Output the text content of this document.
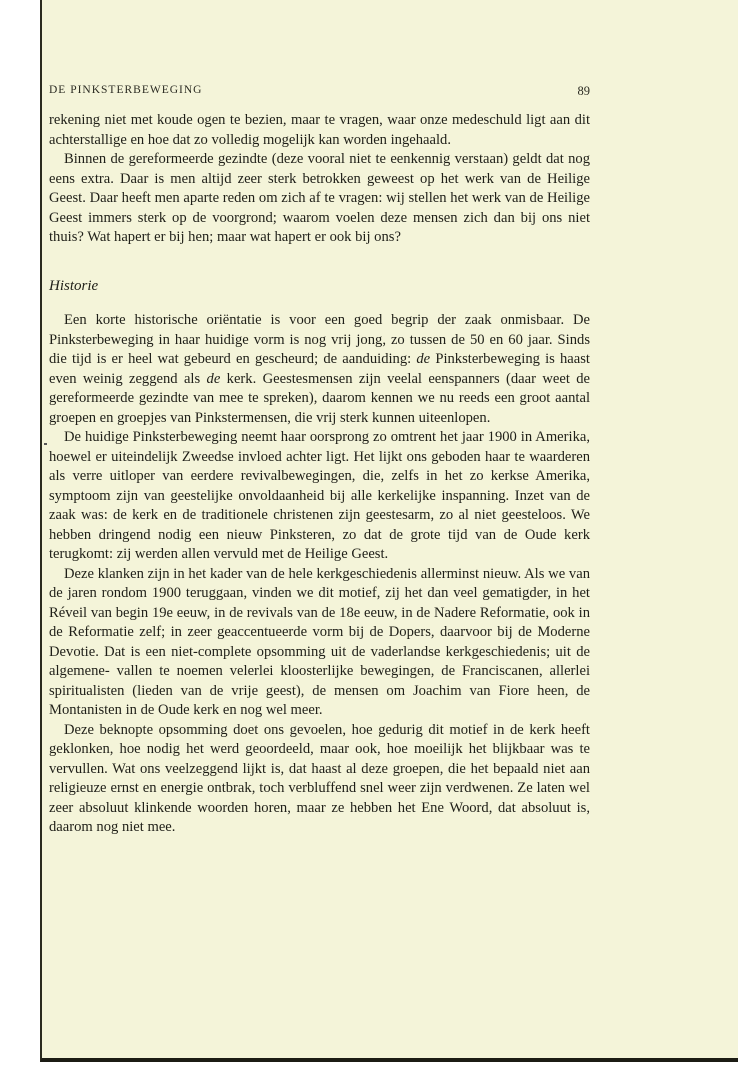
DE PINKSTERBEWEGING	89

rekening niet met koude ogen te bezien, maar te vragen, waar onze medeschuld ligt aan dit achterstallige en hoe dat zo volledig mogelijk kan worden ingehaald.

Binnen de gereformeerde gezindte (deze vooral niet te eenkennig verstaan) geldt dat nog eens extra. Daar is men altijd zeer sterk betrokken geweest op het werk van de Heilige Geest. Daar heeft men aparte reden om zich af te vragen: wij stellen het werk van de Heilige Geest immers sterk op de voorgrond; waarom voelen deze mensen zich dan bij ons niet thuis? Wat hapert er bij hen; maar wat hapert er ook bij ons?

Historie

Een korte historische oriëntatie is voor een goed begrip der zaak onmisbaar. De Pinksterbeweging in haar huidige vorm is nog vrij jong, zo tussen de 50 en 60 jaar. Sinds die tijd is er heel wat gebeurd en gescheurd; de aanduiding: de Pinksterbeweging is haast even weinig zeggend als de kerk. Geestesmensen zijn veelal eenspanners (daar weet de gereformeerde gezindte van mee te spreken), daarom kennen we nu reeds een groot aantal groepen en groepjes van Pinkstermensen, die vrij sterk kunnen uiteenlopen.

De huidige Pinksterbeweging neemt haar oorsprong zo omtrent het jaar 1900 in Amerika, hoewel er uiteindelijk Zweedse invloed achter ligt. Het lijkt ons geboden haar te waarderen als verre uitloper van eerdere revivalbewegingen, die, zelfs in het zo kerkse Amerika, symptoom zijn van geestelijke onvoldaanheid bij alle kerkelijke inspanning. Inzet van de zaak was: de kerk en de traditionele christenen zijn geestesarm, zo al niet geesteloos. We hebben dringend nodig een nieuw Pinksteren, zo dat de grote tijd van de Oude kerk terugkomt: zij werden allen vervuld met de Heilige Geest.

Deze klanken zijn in het kader van de hele kerkgeschiedenis allerminst nieuw. Als we van de jaren rondom 1900 teruggaan, vinden we dit motief, zij het dan veel gematigder, in het Réveil van begin 19e eeuw, in de revivals van de 18e eeuw, in de Nadere Reformatie, ook in de Reformatie zelf; in zeer geaccentueerde vorm bij de Dopers, daarvoor bij de Moderne Devotie. Dat is een niet-complete opsomming uit de vaderlandse kerkgeschiedenis; uit de algemene- vallen te noemen velerlei kloosterlijke bewegingen, de Franciscanen, allerlei spiritualisten (lieden van de vrije geest), de mensen om Joachim van Fiore heen, de Montanisten in de Oude kerk en nog wel meer.

Deze beknopte opsomming doet ons gevoelen, hoe gedurig dit motief in de kerk heeft geklonken, hoe nodig het werd geoordeeld, maar ook, hoe moeilijk het blijkbaar was te vervullen. Wat ons veelzeggend lijkt is, dat haast al deze groepen, die het bepaald niet aan religieuze ernst en energie ontbrak, toch verbluffend snel weer zijn verdwenen. Ze laten wel zeer absoluut klinkende woorden horen, maar ze hebben het Ene Woord, dat absoluut is, daarom nog niet mee.
